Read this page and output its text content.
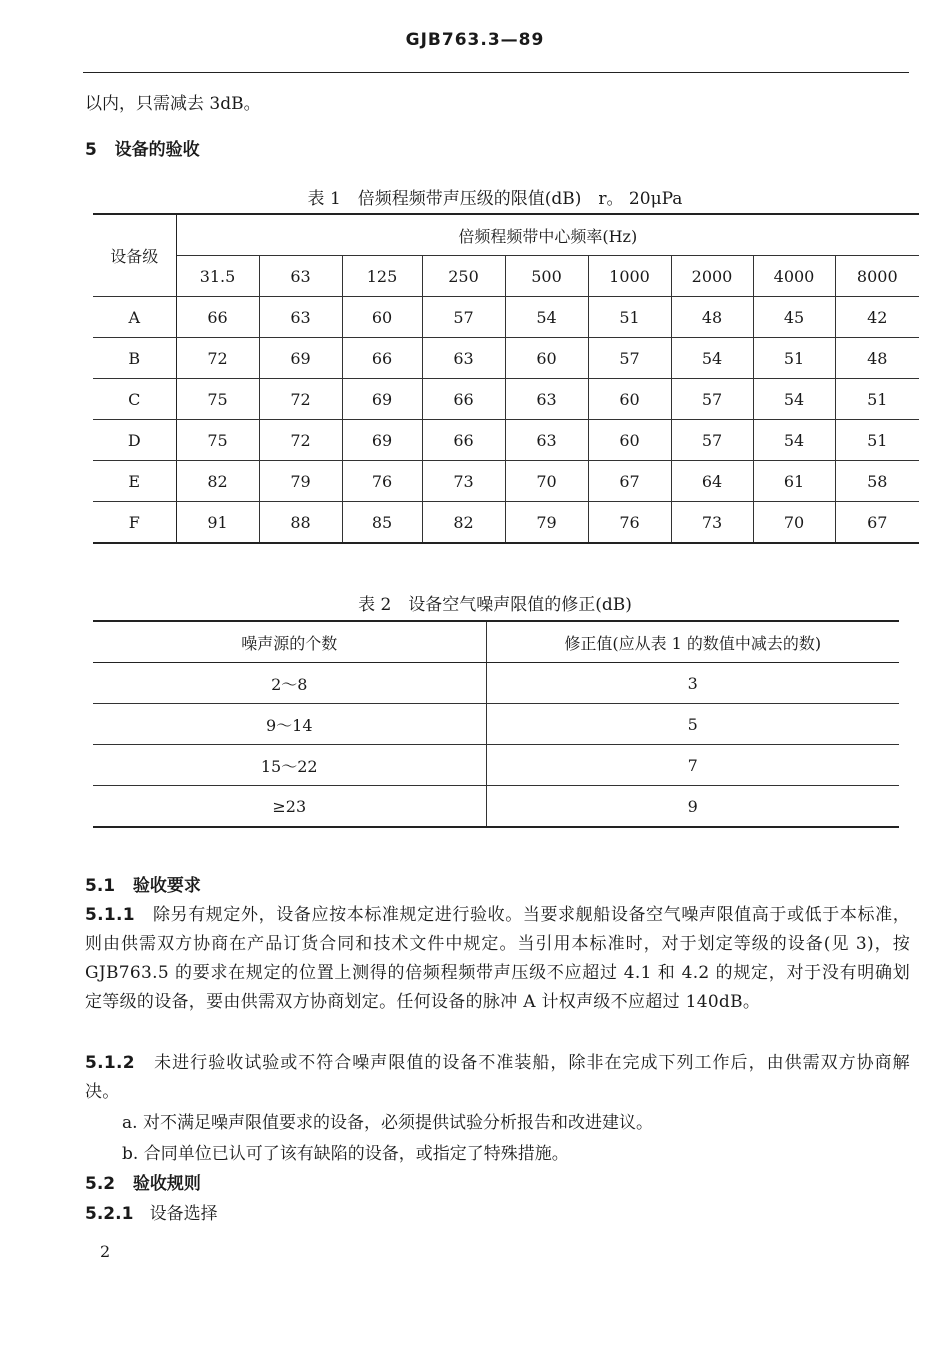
GJB763.3—89
以内，只需减去 3dB。
5 设备的验收
表 1　倍频程频带声压级的限值(dB)　r。 20μPa
设备级	倍频程频带中心频率(Hz)								
	31.5	63	125	250	500	1000	2000	4000	8000
A	66	63	60	57	54	51	48	45	42
B	72	69	66	63	60	57	54	51	48
C	75	72	69	66	63	60	57	54	51
D	75	72	69	66	63	60	57	54	51
E	82	79	76	73	70	67	64	61	58
F	91	88	85	82	79	76	73	70	67
表 2　设备空气噪声限值的修正(dB)
噪声源的个数	修正值(应从表 1 的数值中减去的数)
2～8	3
9～14	5
15～22	7
≥23	9
5.1 验收要求
5.1.1 除另有规定外，设备应按本标准规定进行验收。当要求舰船设备空气噪声限值高于或低于本标准，则由供需双方协商在产品订货合同和技术文件中规定。当引用本标准时，对于划定等级的设备(见 3)，按 GJB763.5 的要求在规定的位置上测得的倍频程频带声压级不应超过 4.1 和 4.2 的规定，对于没有明确划定等级的设备，要由供需双方协商划定。任何设备的脉冲 A 计权声级不应超过 140dB。
5.1.2 未进行验收试验或不符合噪声限值的设备不准装船，除非在完成下列工作后，由供需双方协商解决。
a. 对不满足噪声限值要求的设备，必须提供试验分析报告和改进建议。
b. 合同单位已认可了该有缺陷的设备，或指定了特殊措施。
5.2 验收规则
5.2.1 设备选择
2
